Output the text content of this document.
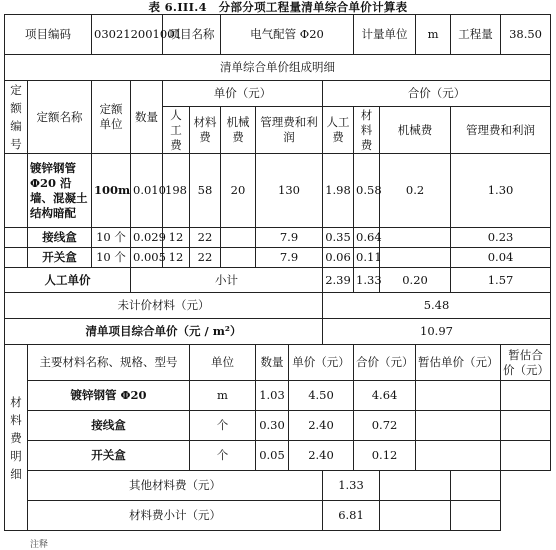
表 6.III.4　分部分项工程量清单综合单价计算表
项目编码		030212001001		项目名称		电气配管 Φ20				计量单位		m	工程量	38.50
清单综合单价组成明细														
定额编号	定额名称	定额单位	数量	单价（元）					合价（元）					
				人工费	材料费	机械费	管理费和利润		人工费	材料费	机械费		管理费和利润	
	镀锌钢管 Φ20 沿墙、混凝土结构暗配	100m	0.010	198	58	20	130		1.98	0.58	0.2		1.30	
	接线盒	10 个	0.029	12	22		7.9		0.35	0.64			0.23	
	开关盒	10 个	0.005	12	22		7.9		0.06	0.11			0.04	
人工单价			小计						2.39	1.33	0.20		1.57	
未计价材料（元）									5.48					
清单项目综合单价（元 / m²）									10.97					
材料费明细	主要材料名称、规格、型号				单位		数量	单价（元）		合价（元）		暂估单价（元）		暂估合价（元）
	镀锌钢管 Φ20				m		1.03	4.50		4.64				
	接线盒				个		0.30	2.40		0.72				
	开关盒				个		0.05	2.40		0.12				
	其他材料费（元）								1.33					
	材料费小计（元）								6.81					
注释
